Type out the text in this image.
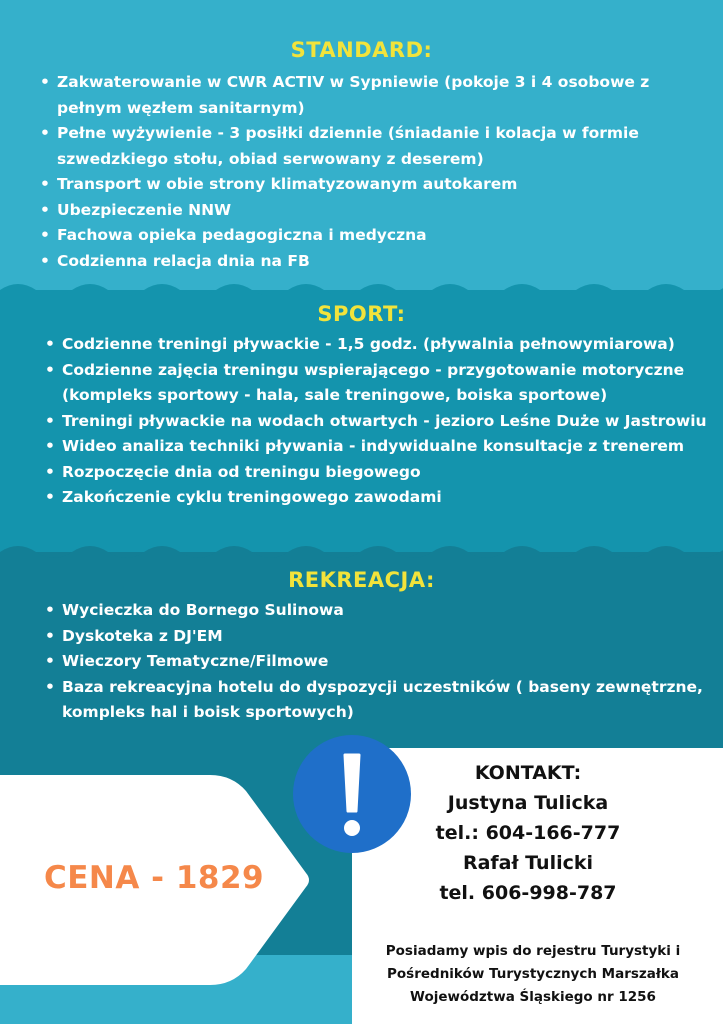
STANDARD:
• Zakwaterowanie w CWR ACTIV w Sypniewie (pokoje 3 i 4 osobowe z pełnym węzłem sanitarnym)
• Pełne wyżywienie - 3 posiłki dziennie (śniadanie i kolacja w formie szwedzkiego stołu, obiad serwowany z deserem)
• Transport w obie strony klimatyzowanym autokarem
• Ubezpieczenie NNW
• Fachowa opieka pedagogiczna i medyczna
• Codzienna relacja dnia na FB
SPORT:
• Codzienne treningi pływackie - 1,5 godz. (pływalnia pełnowymiarowa)
• Codzienne zajęcia treningu wspierającego - przygotowanie motoryczne (kompleks sportowy - hala, sale treningowe, boiska sportowe)
• Treningi pływackie na wodach otwartych - jezioro Leśne Duże w Jastrowiu
• Wideo analiza techniki pływania - indywidualne konsultacje z trenerem
• Rozpoczęcie dnia od treningu biegowego
• Zakończenie cyklu treningowego zawodami
REKREACJA:
• Wycieczka do Bornego Sulinowa
• Dyskoteka z DJ'EM
• Wieczory Tematyczne/Filmowe
• Baza rekreacyjna hotelu do dyspozycji uczestników ( baseny zewnętrzne, kompleks hal i boisk sportowych)
CENA - 1829
KONTAKT:
Justyna Tulicka
tel.: 604-166-777
Rafał Tulicki
tel. 606-998-787
Posiadamy wpis do rejestru Turystyki i Pośredników Turystycznych Marszałka Województwa Śląskiego nr 1256
